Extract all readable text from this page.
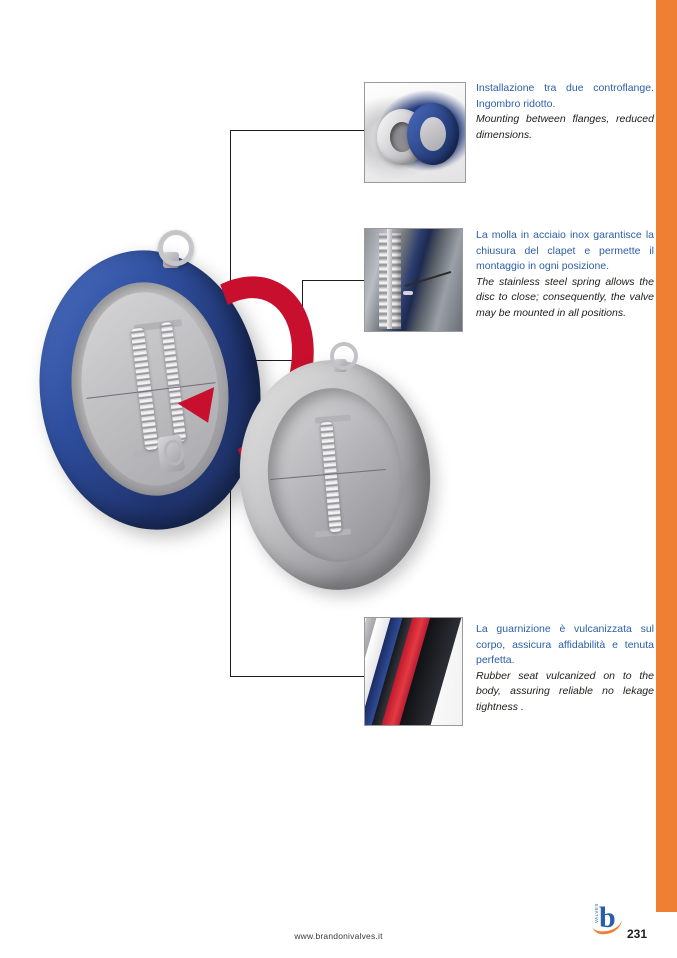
Installazione tra due controflange. Ingombro ridotto.

Mounting between flanges, reduced dimensions.

La molla in acciaio inox garantisce la chiusura del clapet e permette il montaggio in ogni posizione.

The stainless steel spring allows the disc to close; consequently, the valve may be mounted in all positions.

La guarnizione è vulcanizzata sul corpo, assicura affidabilità e tenuta perfetta.

Rubber seat vulcanized on to the body, assuring reliable no lekage tightness .

www.brandonivalves.it	231
b
VALVES
